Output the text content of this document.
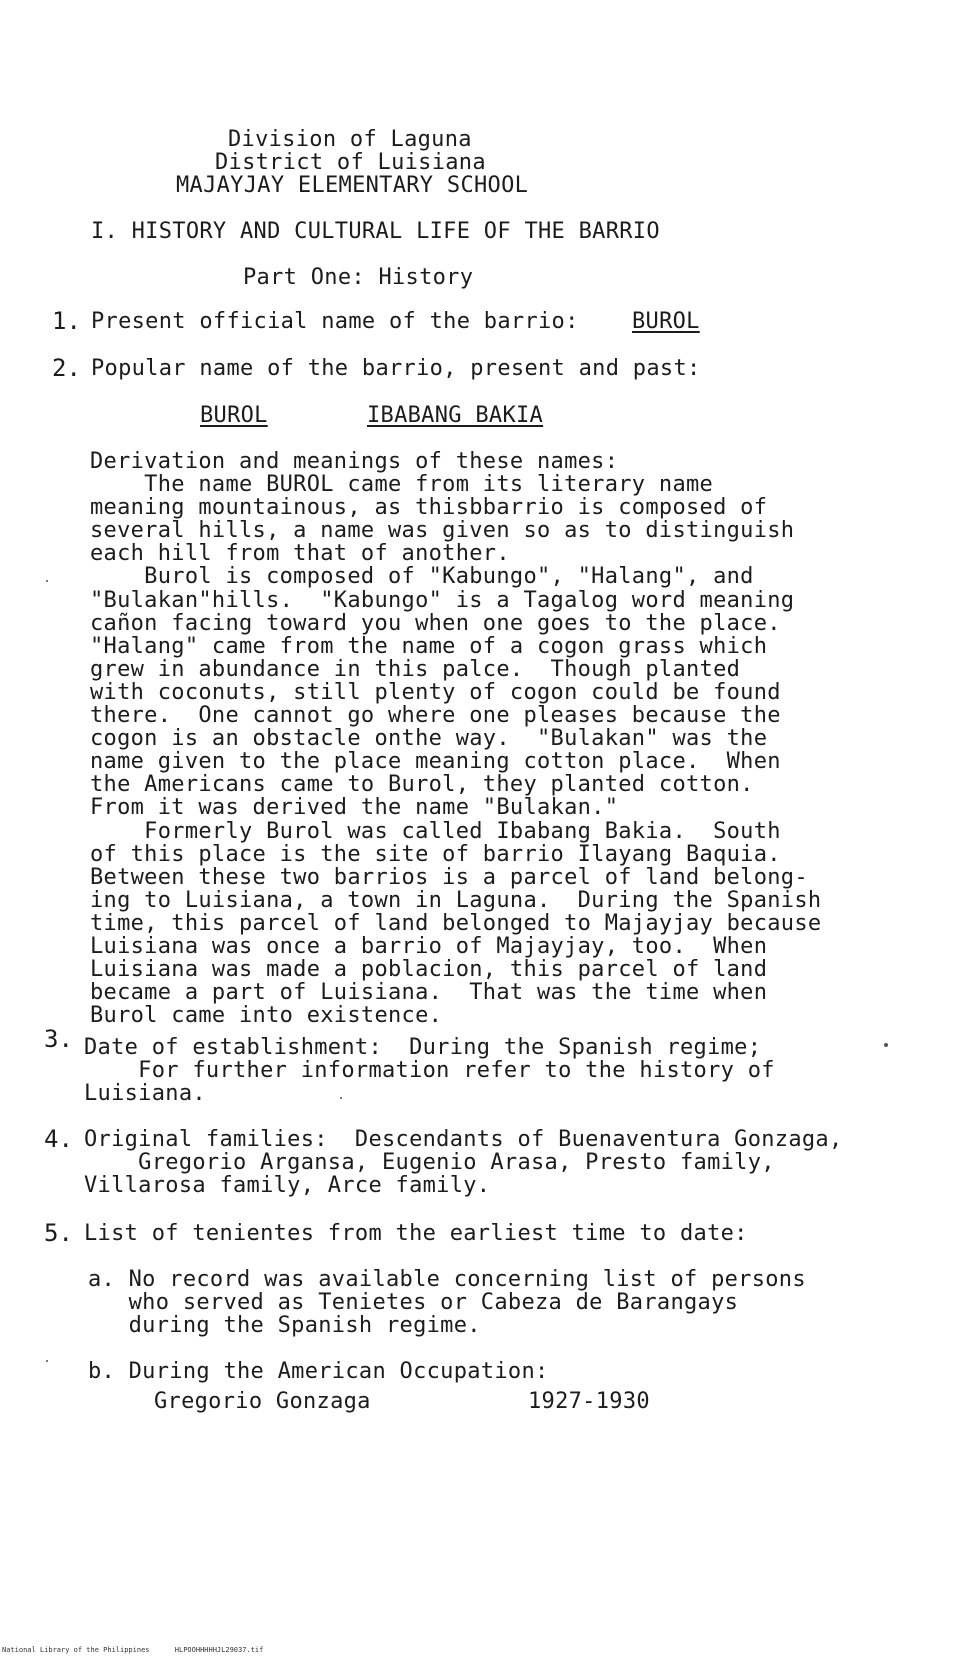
Division of Laguna
District of Luisiana
MAJAYJAY ELEMENTARY SCHOOL
I. HISTORY AND CULTURAL LIFE OF THE BARRIO
Part One: History
1. Present official name of the barrio: BUROL
2. Popular name of the barrio, present and past:
BUROL	IBABANG BAKIA
Derivation and meanings of these names:
The name BUROL came from its literary name
meaning mountainous, as thisbbarrio is composed of
several hills, a name was given so as to distinguish
each hill from that of another.
Burol is composed of "Kabungo", "Halang", and
"Bulakan"hills.  "Kabungo" is a Tagalog word meaning
cañon facing toward you when one goes to the place.
"Halang" came from the name of a cogon grass which
grew in abundance in this palce.  Though planted
with coconuts, still plenty of cogon could be found
there.  One cannot go where one pleases because the
cogon is an obstacle onthe way.  "Bulakan" was the
name given to the place meaning cotton place.  When
the Americans came to Burol, they planted cotton.
From it was derived the name "Bulakan."
Formerly Burol was called Ibabang Bakia.  South
of this place is the site of barrio Ilayang Baquia.
Between these two barrios is a parcel of land belong-
ing to Luisiana, a town in Laguna.  During the Spanish
time, this parcel of land belonged to Majayjay because
Luisiana was once a barrio of Majayjay, too.  When
Luisiana was made a poblacion, this parcel of land
became a part of Luisiana.  That was the time when
Burol came into existence.
3. Date of establishment:  During the Spanish regime;
For further information refer to the history of
Luisiana.
4. Original families:  Descendants of Buenaventura Gonzaga,
Gregorio Argansa, Eugenio Arasa, Presto family,
Villarosa family, Arce family.
5. List of tenientes from the earliest time to date:
a. No record was available concerning list of persons
who served as Tenietes or Cabeza de Barangays
during the Spanish regime.
b. During the American Occupation:
Gregorio Gonzaga	1927-1930
National Library of the Philippines      HLPOOHHHHHJL29037.tif
